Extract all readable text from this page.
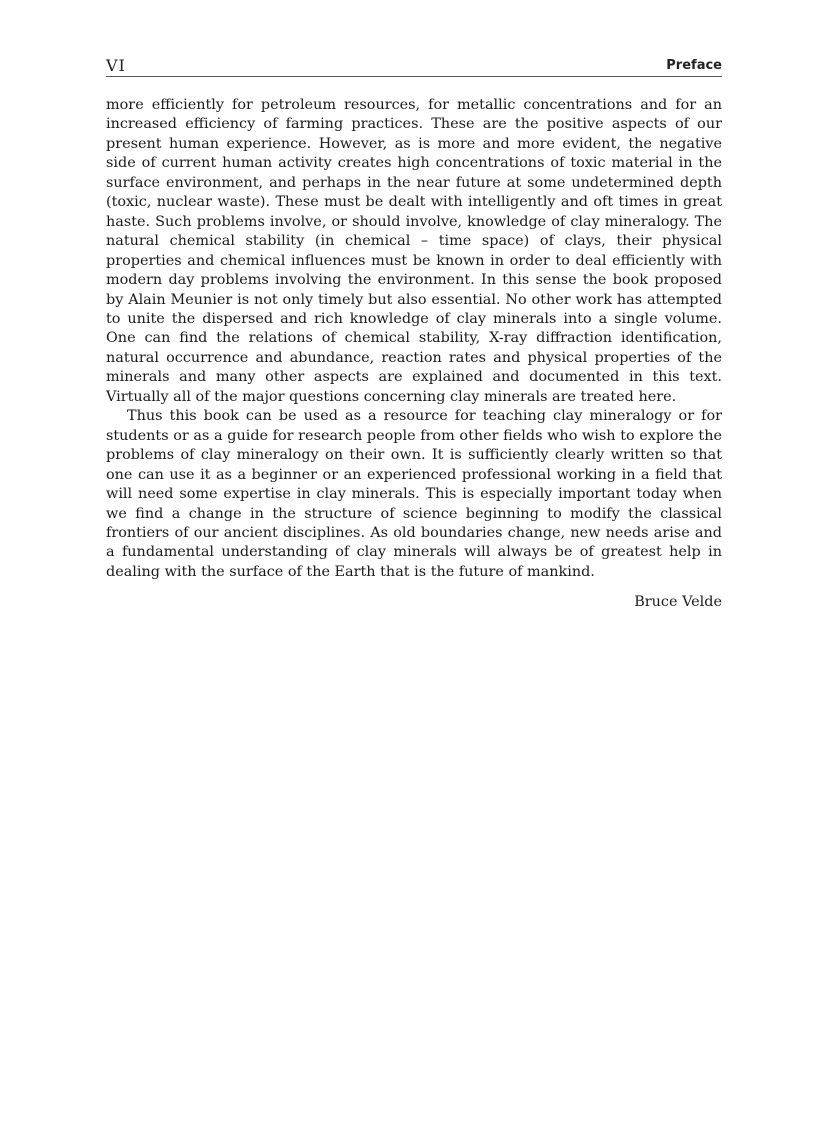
VI	Preface

more efficiently for petroleum resources, for metallic concentrations and for an increased efficiency of farming practices. These are the positive aspects of our present human experience. However, as is more and more evident, the negative side of current human activity creates high concentrations of toxic material in the surface environment, and perhaps in the near future at some undetermined depth (toxic, nuclear waste). These must be dealt with intelligently and oft times in great haste. Such problems involve, or should involve, knowledge of clay mineralogy. The natural chemical stability (in chemical – time space) of clays, their physical properties and chemical influences must be known in order to deal efficiently with modern day problems involving the environment. In this sense the book proposed by Alain Meunier is not only timely but also essential. No other work has attempted to unite the dispersed and rich knowledge of clay minerals into a single volume. One can find the relations of chemical stability, X-ray diffraction identification, natural occurrence and abundance, reaction rates and physical properties of the minerals and many other aspects are explained and documented in this text. Virtually all of the major questions concerning clay minerals are treated here.

Thus this book can be used as a resource for teaching clay mineralogy or for students or as a guide for research people from other fields who wish to explore the problems of clay mineralogy on their own. It is sufficiently clearly written so that one can use it as a beginner or an experienced professional working in a field that will need some expertise in clay minerals. This is especially important today when we find a change in the structure of science beginning to modify the classical frontiers of our ancient disciplines. As old boundaries change, new needs arise and a fundamental understanding of clay minerals will always be of greatest help in dealing with the surface of the Earth that is the future of mankind.

Bruce Velde
